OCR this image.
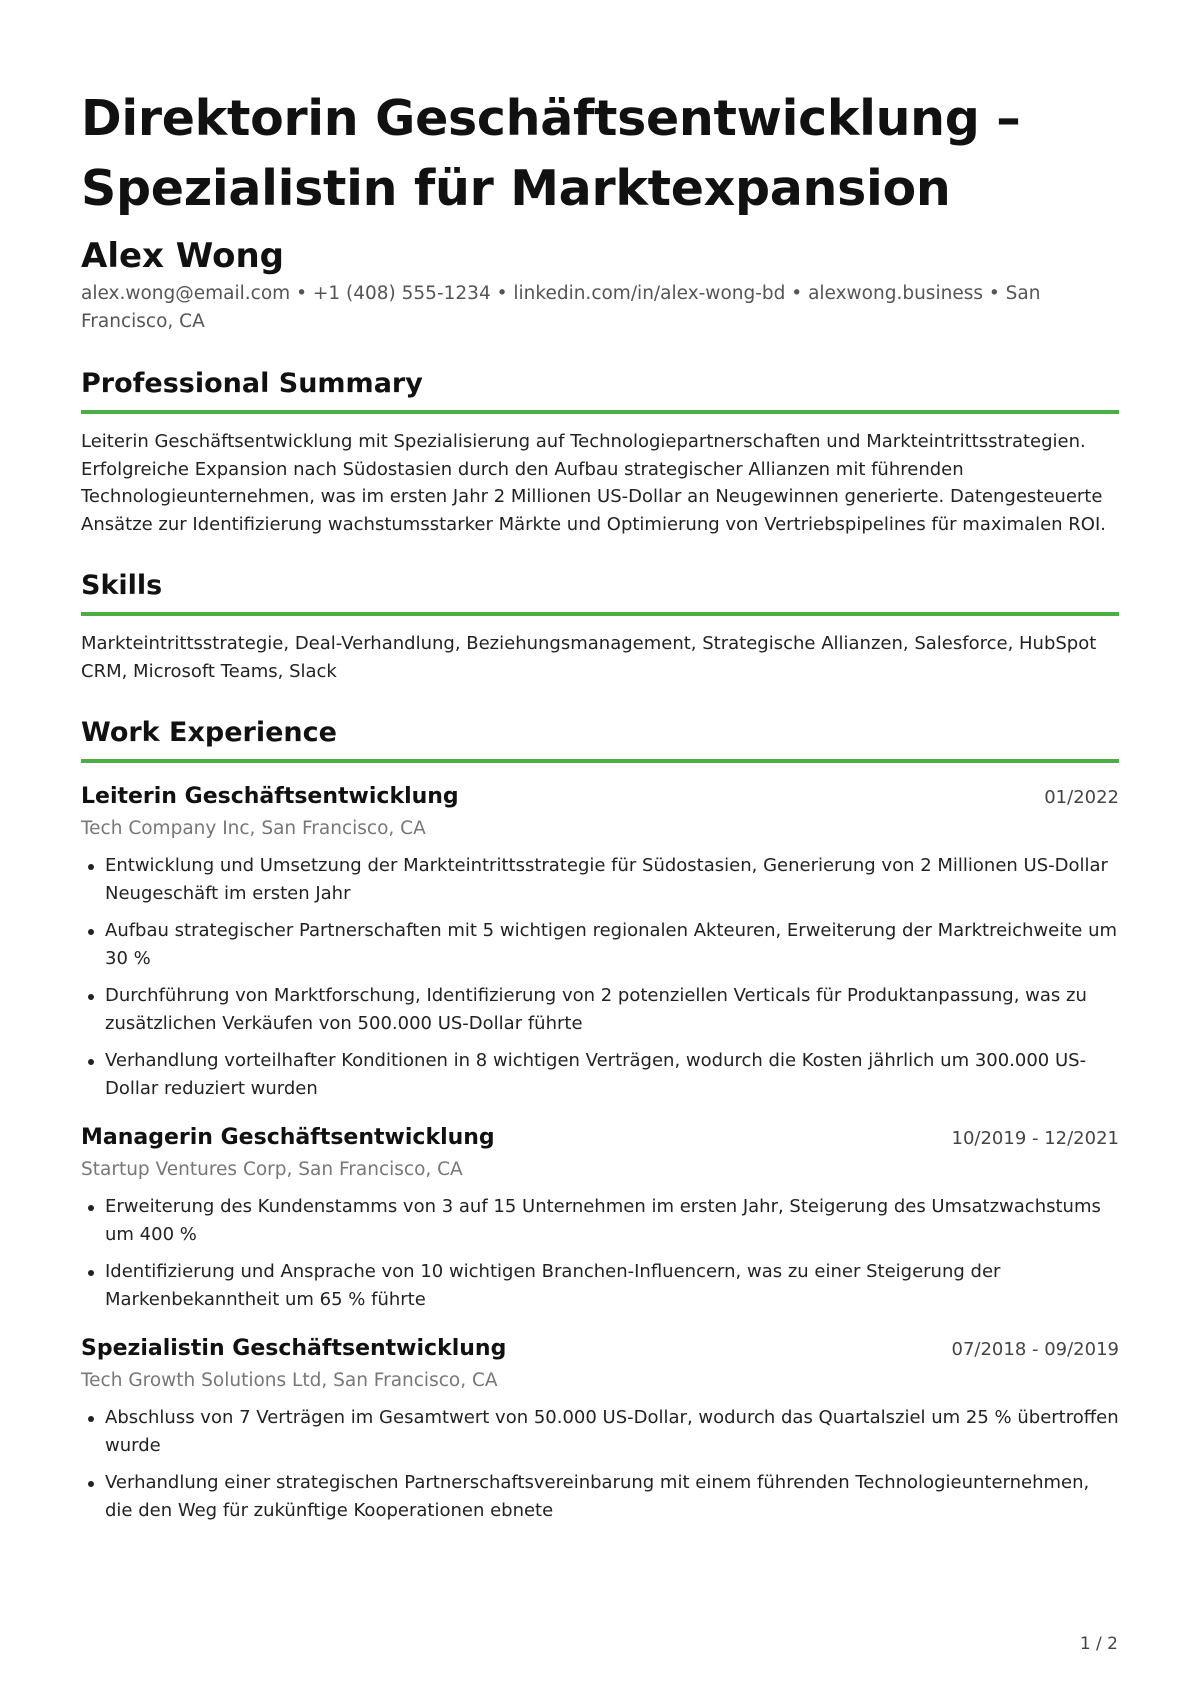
Direktorin Geschäftsentwicklung –
Spezialistin für Marktexpansion
Alex Wong
alex.wong@email.com • +1 (408) 555-1234 • linkedin.com/in/alex-wong-bd • alexwong.business • San Francisco, CA
Professional Summary
Leiterin Geschäftsentwicklung mit Spezialisierung auf Technologiepartnerschaften und Markteintrittsstrategien. Erfolgreiche Expansion nach Südostasien durch den Aufbau strategischer Allianzen mit führenden Technologieunternehmen, was im ersten Jahr 2 Millionen US-Dollar an Neugewinnen generierte. Datengesteuerte Ansätze zur Identifizierung wachstumsstarker Märkte und Optimierung von Vertriebspipelines für maximalen ROI.
Skills
Markteintrittsstrategie, Deal-Verhandlung, Beziehungsmanagement, Strategische Allianzen, Salesforce, HubSpot CRM, Microsoft Teams, Slack
Work Experience
Leiterin Geschäftsentwicklung	01/2022
Tech Company Inc, San Francisco, CA
Entwicklung und Umsetzung der Markteintrittsstrategie für Südostasien, Generierung von 2 Millionen US-Dollar Neugeschäft im ersten Jahr
Aufbau strategischer Partnerschaften mit 5 wichtigen regionalen Akteuren, Erweiterung der Marktreichweite um 30 %
Durchführung von Marktforschung, Identifizierung von 2 potenziellen Verticals für Produktanpassung, was zu zusätzlichen Verkäufen von 500.000 US-Dollar führte
Verhandlung vorteilhafter Konditionen in 8 wichtigen Verträgen, wodurch die Kosten jährlich um 300.000 US-Dollar reduziert wurden
Managerin Geschäftsentwicklung	10/2019 - 12/2021
Startup Ventures Corp, San Francisco, CA
Erweiterung des Kundenstamms von 3 auf 15 Unternehmen im ersten Jahr, Steigerung des Umsatzwachstums um 400 %
Identifizierung und Ansprache von 10 wichtigen Branchen-Influencern, was zu einer Steigerung der Markenbekanntheit um 65 % führte
Spezialistin Geschäftsentwicklung	07/2018 - 09/2019
Tech Growth Solutions Ltd, San Francisco, CA
Abschluss von 7 Verträgen im Gesamtwert von 50.000 US-Dollar, wodurch das Quartalsziel um 25 % übertroffen wurde
Verhandlung einer strategischen Partnerschaftsvereinbarung mit einem führenden Technologieunternehmen, die den Weg für zukünftige Kooperationen ebnete
1 / 2
